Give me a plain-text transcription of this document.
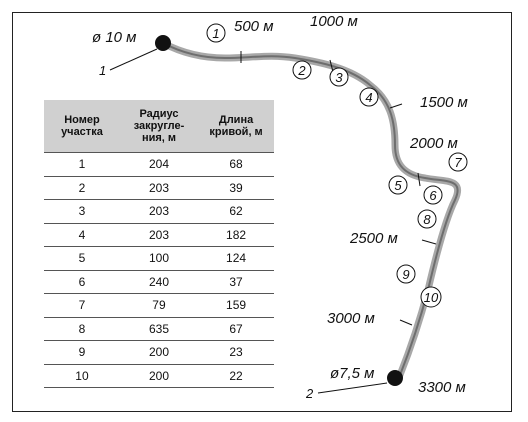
1
2
ø 10 м
ø7,5 м
500 м 1000 м
1500 м
2000 м
2500 м
3000 м
3300 м
1
2 3
4
5
6
7
8
9
10
Номер
участка	Радиус
закругле-
ния, м	Длина
кривой, м
1	204	68
2	203	39
3	203	62
4	203	182
5	100	124
6	240	37
7	79	159
8	635	67
9	200	23
10	200	22
